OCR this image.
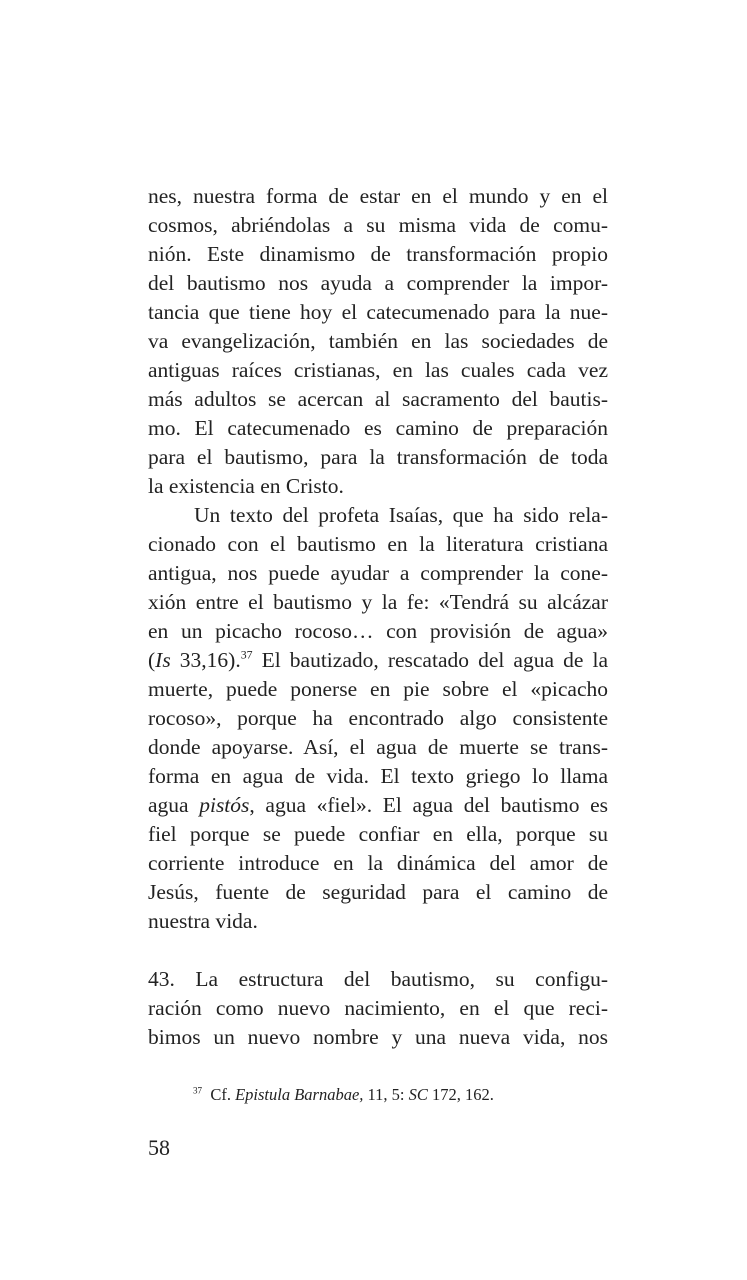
nes, nuestra forma de estar en el mundo y en el
cosmos, abriéndolas a su misma vida de comu-
nión. Este dinamismo de transformación propio
del bautismo nos ayuda a comprender la impor-
tancia que tiene hoy el catecumenado para la nue-
va evangelización, también en las sociedades de
antiguas raíces cristianas, en las cuales cada vez
más adultos se acercan al sacramento del bautis-
mo. El catecumenado es camino de preparación
para el bautismo, para la transformación de toda
la existencia en Cristo.
Un texto del profeta Isaías, que ha sido rela-
cionado con el bautismo en la literatura cristiana
antigua, nos puede ayudar a comprender la cone-
xión entre el bautismo y la fe: «Tendrá su alcázar
en un picacho rocoso… con provisión de agua»
(Is 33,16).$^{37}$ El bautizado, rescatado del agua de la
muerte, puede ponerse en pie sobre el «picacho
rocoso», porque ha encontrado algo consistente
donde apoyarse. Así, el agua de muerte se trans-
forma en agua de vida. El texto griego lo llama
agua pistós, agua «fiel». El agua del bautismo es
fiel porque se puede confiar en ella, porque su
corriente introduce en la dinámica del amor de
Jesús, fuente de seguridad para el camino de
nuestra vida.
43. La estructura del bautismo, su configu-
ración como nuevo nacimiento, en el que reci-
bimos un nuevo nombre y una nueva vida, nos
$^{37}$ Cf. Epistula Barnabae, 11, 5: SC 172, 162.
58
